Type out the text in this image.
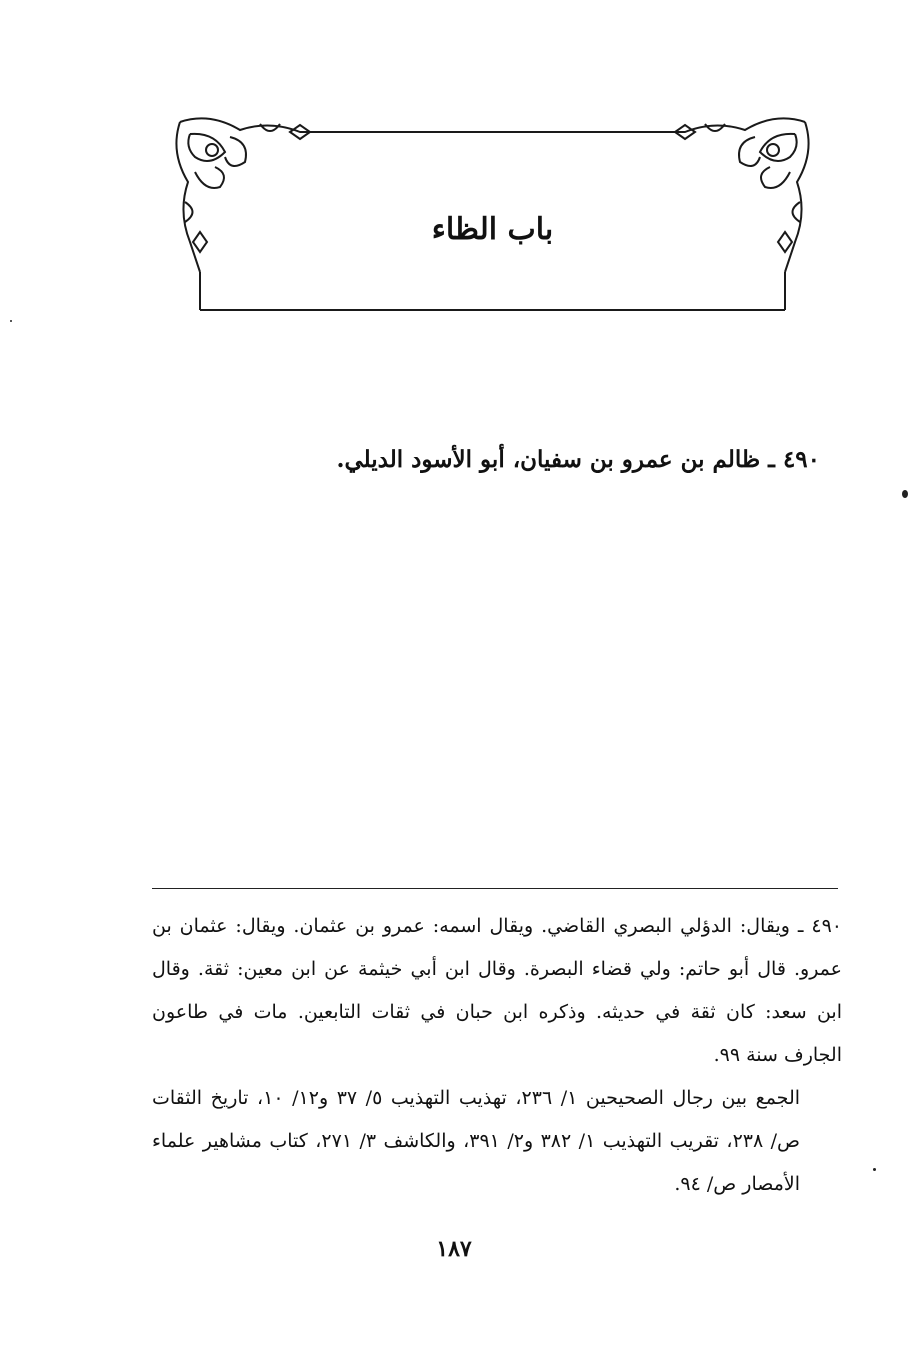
باب الظاء
٤٩٠ ـ ظالم بن عمرو بن سفيان، أبو الأسود الديلي.

٤٩٠ ـ ويقال: الدؤلي البصري القاضي. ويقال اسمه: عمرو بن عثمان. ويقال: عثمان بن عمرو. قال أبو حاتم: ولي قضاء البصرة. وقال ابن أبي خيثمة عن ابن معين: ثقة. وقال ابن سعد: كان ثقة في حديثه. وذكره ابن حبان في ثقات التابعين. مات في طاعون الجارف سنة ٩٩.

الجمع بين رجال الصحيحين ١/ ٢٣٦، تهذيب التهذيب ٥/ ٣٧ و١٢/ ١٠، تاريخ الثقات ص/ ٢٣٨، تقريب التهذيب ١/ ٣٨٢ و٢/ ٣٩١، والكاشف ٣/ ٢٧١، كتاب مشاهير علماء الأمصار ص/ ٩٤.

١٨٧
